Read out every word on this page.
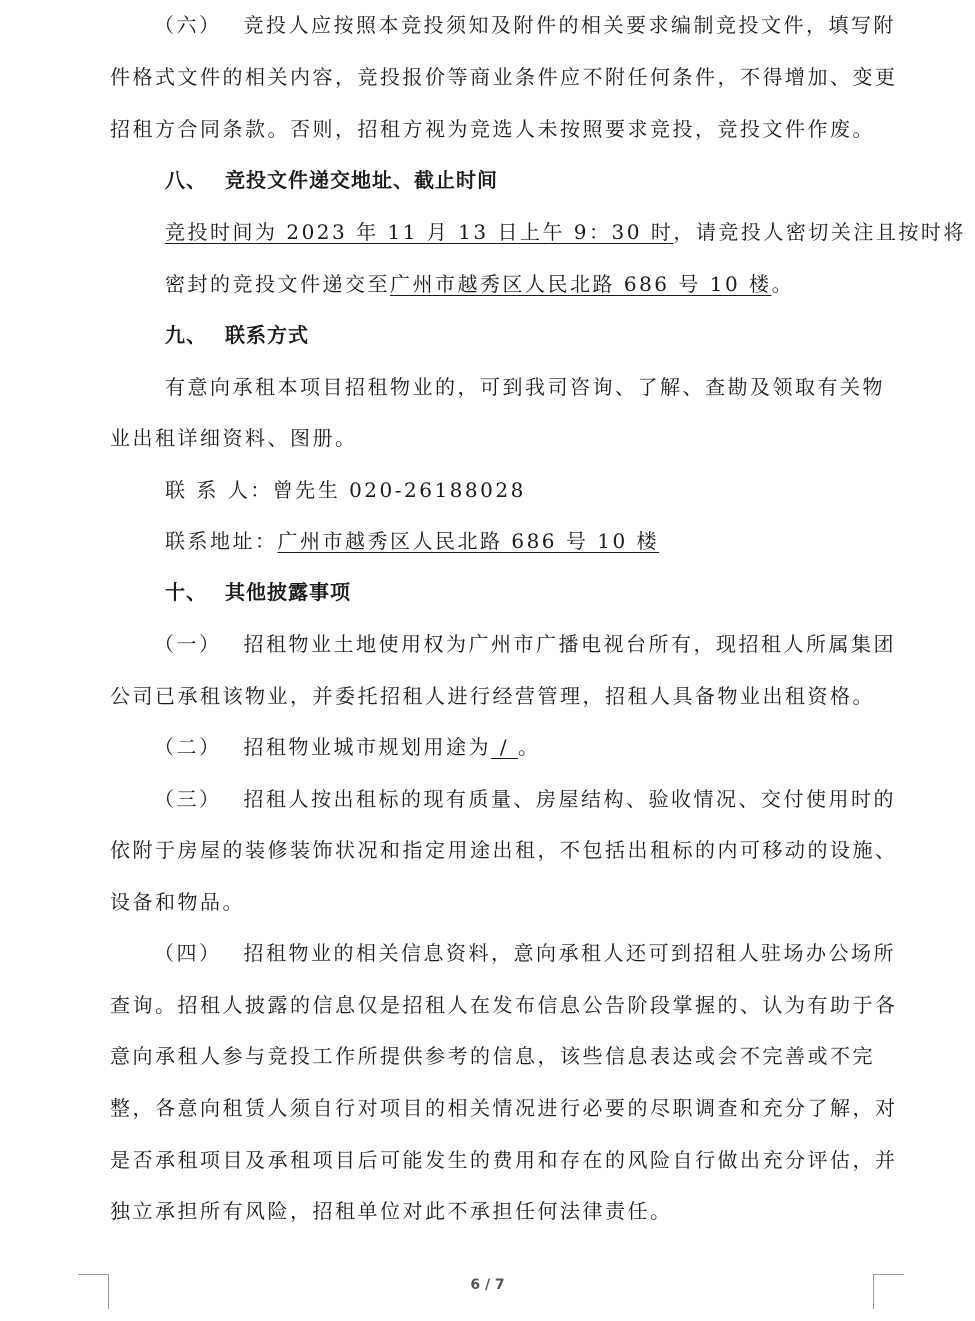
（六） 竞投人应按照本竞投须知及附件的相关要求编制竞投文件，填写附
件格式文件的相关内容，竞投报价等商业条件应不附任何条件，不得增加、变更
招租方合同条款。否则，招租方视为竞选人未按照要求竞投，竞投文件作废。
八、 竞投文件递交地址、截止时间
竞投时间为 2023 年 11 月 13 日上午 9：30 时，请竞投人密切关注且按时将
密封的竞投文件递交至广州市越秀区人民北路 686 号 10 楼。
九、 联系方式
有意向承租本项目招租物业的，可到我司咨询、了解、查勘及领取有关物
业出租详细资料、图册。
联 系 人：曾先生 020-26188028
联系地址：广州市越秀区人民北路 686 号 10 楼
十、 其他披露事项
（一） 招租物业土地使用权为广州市广播电视台所有，现招租人所属集团
公司已承租该物业，并委托招租人进行经营管理，招租人具备物业出租资格。
（二） 招租物业城市规划用途为 / 。
（三） 招租人按出租标的现有质量、房屋结构、验收情况、交付使用时的
依附于房屋的装修装饰状况和指定用途出租，不包括出租标的内可移动的设施、
设备和物品。
（四） 招租物业的相关信息资料，意向承租人还可到招租人驻场办公场所
查询。招租人披露的信息仅是招租人在发布信息公告阶段掌握的、认为有助于各
意向承租人参与竞投工作所提供参考的信息，该些信息表达或会不完善或不完
整，各意向租赁人须自行对项目的相关情况进行必要的尽职调查和充分了解，对
是否承租项目及承租项目后可能发生的费用和存在的风险自行做出充分评估，并
独立承担所有风险，招租单位对此不承担任何法律责任。
6 / 7
